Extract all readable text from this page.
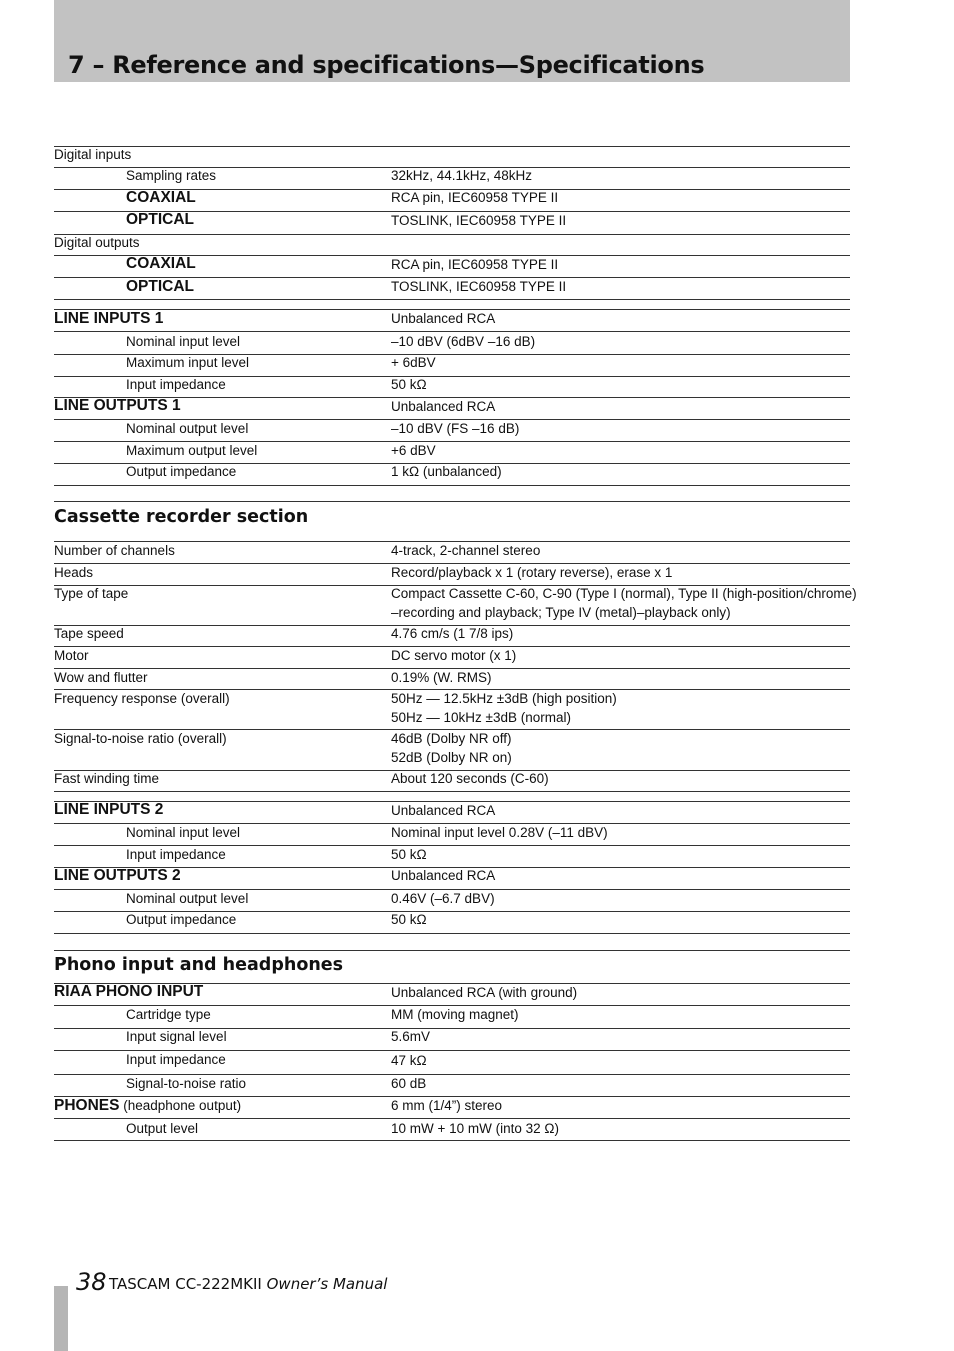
7 – Reference and specifications—Specifications
Digital inputs
Sampling rates	32kHz, 44.1kHz, 48kHz
COAXIAL	RCA pin, IEC60958 TYPE II
OPTICAL	TOSLINK, IEC60958 TYPE II
Digital outputs
COAXIAL	RCA pin, IEC60958 TYPE II
OPTICAL	TOSLINK, IEC60958 TYPE II
LINE INPUTS 1	Unbalanced RCA
Nominal input level	–10 dBV (6dBV –16 dB)
Maximum input level	+ 6dBV
Input impedance	50 kΩ
LINE OUTPUTS 1	Unbalanced RCA
Nominal output level	–10 dBV (FS –16 dB)
Maximum output level	+6 dBV
Output impedance	1 kΩ (unbalanced)
Cassette recorder section
Number of channels	4-track, 2-channel stereo
Heads	Record/playback x 1 (rotary reverse), erase x 1
Type of tape	Compact Cassette C-60, C-90 (Type I (normal), Type II (high-position/chrome)
–recording and playback; Type IV (metal)–playback only)
Tape speed	4.76 cm/s (1 7/8 ips)
Motor	DC servo motor (x 1)
Wow and flutter	0.19% (W. RMS)
Frequency response (overall)	50Hz — 12.5kHz ±3dB (high position)
50Hz — 10kHz ±3dB (normal)
Signal-to-noise ratio (overall)	46dB (Dolby NR off)
52dB (Dolby NR on)
Fast winding time	About 120 seconds (C-60)
LINE INPUTS 2	Unbalanced RCA
Nominal input level	Nominal input level 0.28V (–11 dBV)
Input impedance	50 kΩ
LINE OUTPUTS 2	Unbalanced RCA
Nominal output level	0.46V (–6.7 dBV)
Output impedance	50 kΩ
Phono input and headphones
RIAA PHONO INPUT	Unbalanced RCA (with ground)
Cartridge type	MM (moving magnet)
Input signal level	5.6mV
Input impedance	47 kΩ
Signal-to-noise ratio	60 dB
PHONES (headphone output)	6 mm (1/4”) stereo
Output level	10 mW + 10 mW (into 32 Ω)
38 TASCAM CC-222MKII Owner’s Manual
